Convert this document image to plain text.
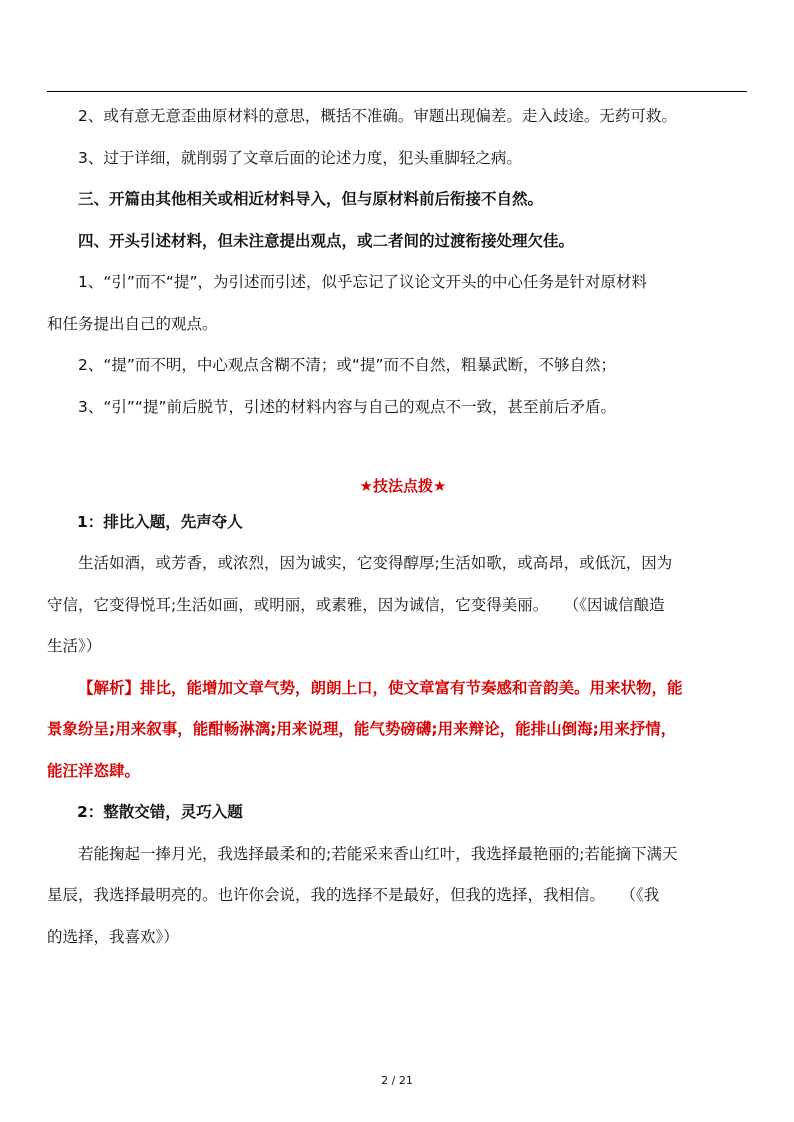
2、或有意无意歪曲原材料的意思，概括不准确。审题出现偏差。走入歧途。无药可救。

3、过于详细，就削弱了文章后面的论述力度，犯头重脚轻之病。

三、开篇由其他相关或相近材料导入，但与原材料前后衔接不自然。

四、开头引述材料，但未注意提出观点，或二者间的过渡衔接处理欠佳。

1、“引”而不“提”，为引述而引述，似乎忘记了议论文开头的中心任务是针对原材料

和任务提出自己的观点。

2、“提”而不明，中心观点含糊不清；或“提”而不自然，粗暴武断，不够自然；

3、“引”“提”前后脱节，引述的材料内容与自己的观点不一致，甚至前后矛盾。

★技法点拨★

1：排比入题，先声夺人

生活如酒，或芳香，或浓烈，因为诚实，它变得醇厚;生活如歌，或高昂，或低沉，因为

守信，它变得悦耳;生活如画，或明丽，或素雅，因为诚信，它变得美丽。　　（《因诚信酿造

生活》）

【解析】排比，能增加文章气势，朗朗上口，使文章富有节奏感和音韵美。用来状物，能

景象纷呈;用来叙事，能酣畅淋漓;用来说理，能气势磅礴;用来辩论，能排山倒海;用来抒情，

能汪洋恣肆。

2：整散交错，灵巧入题

若能掬起一捧月光，我选择最柔和的;若能采来香山红叶，我选择最艳丽的;若能摘下满天

星辰，我选择最明亮的。也许你会说，我的选择不是最好，但我的选择，我相信。　　（《我

的选择，我喜欢》）

2 / 21
